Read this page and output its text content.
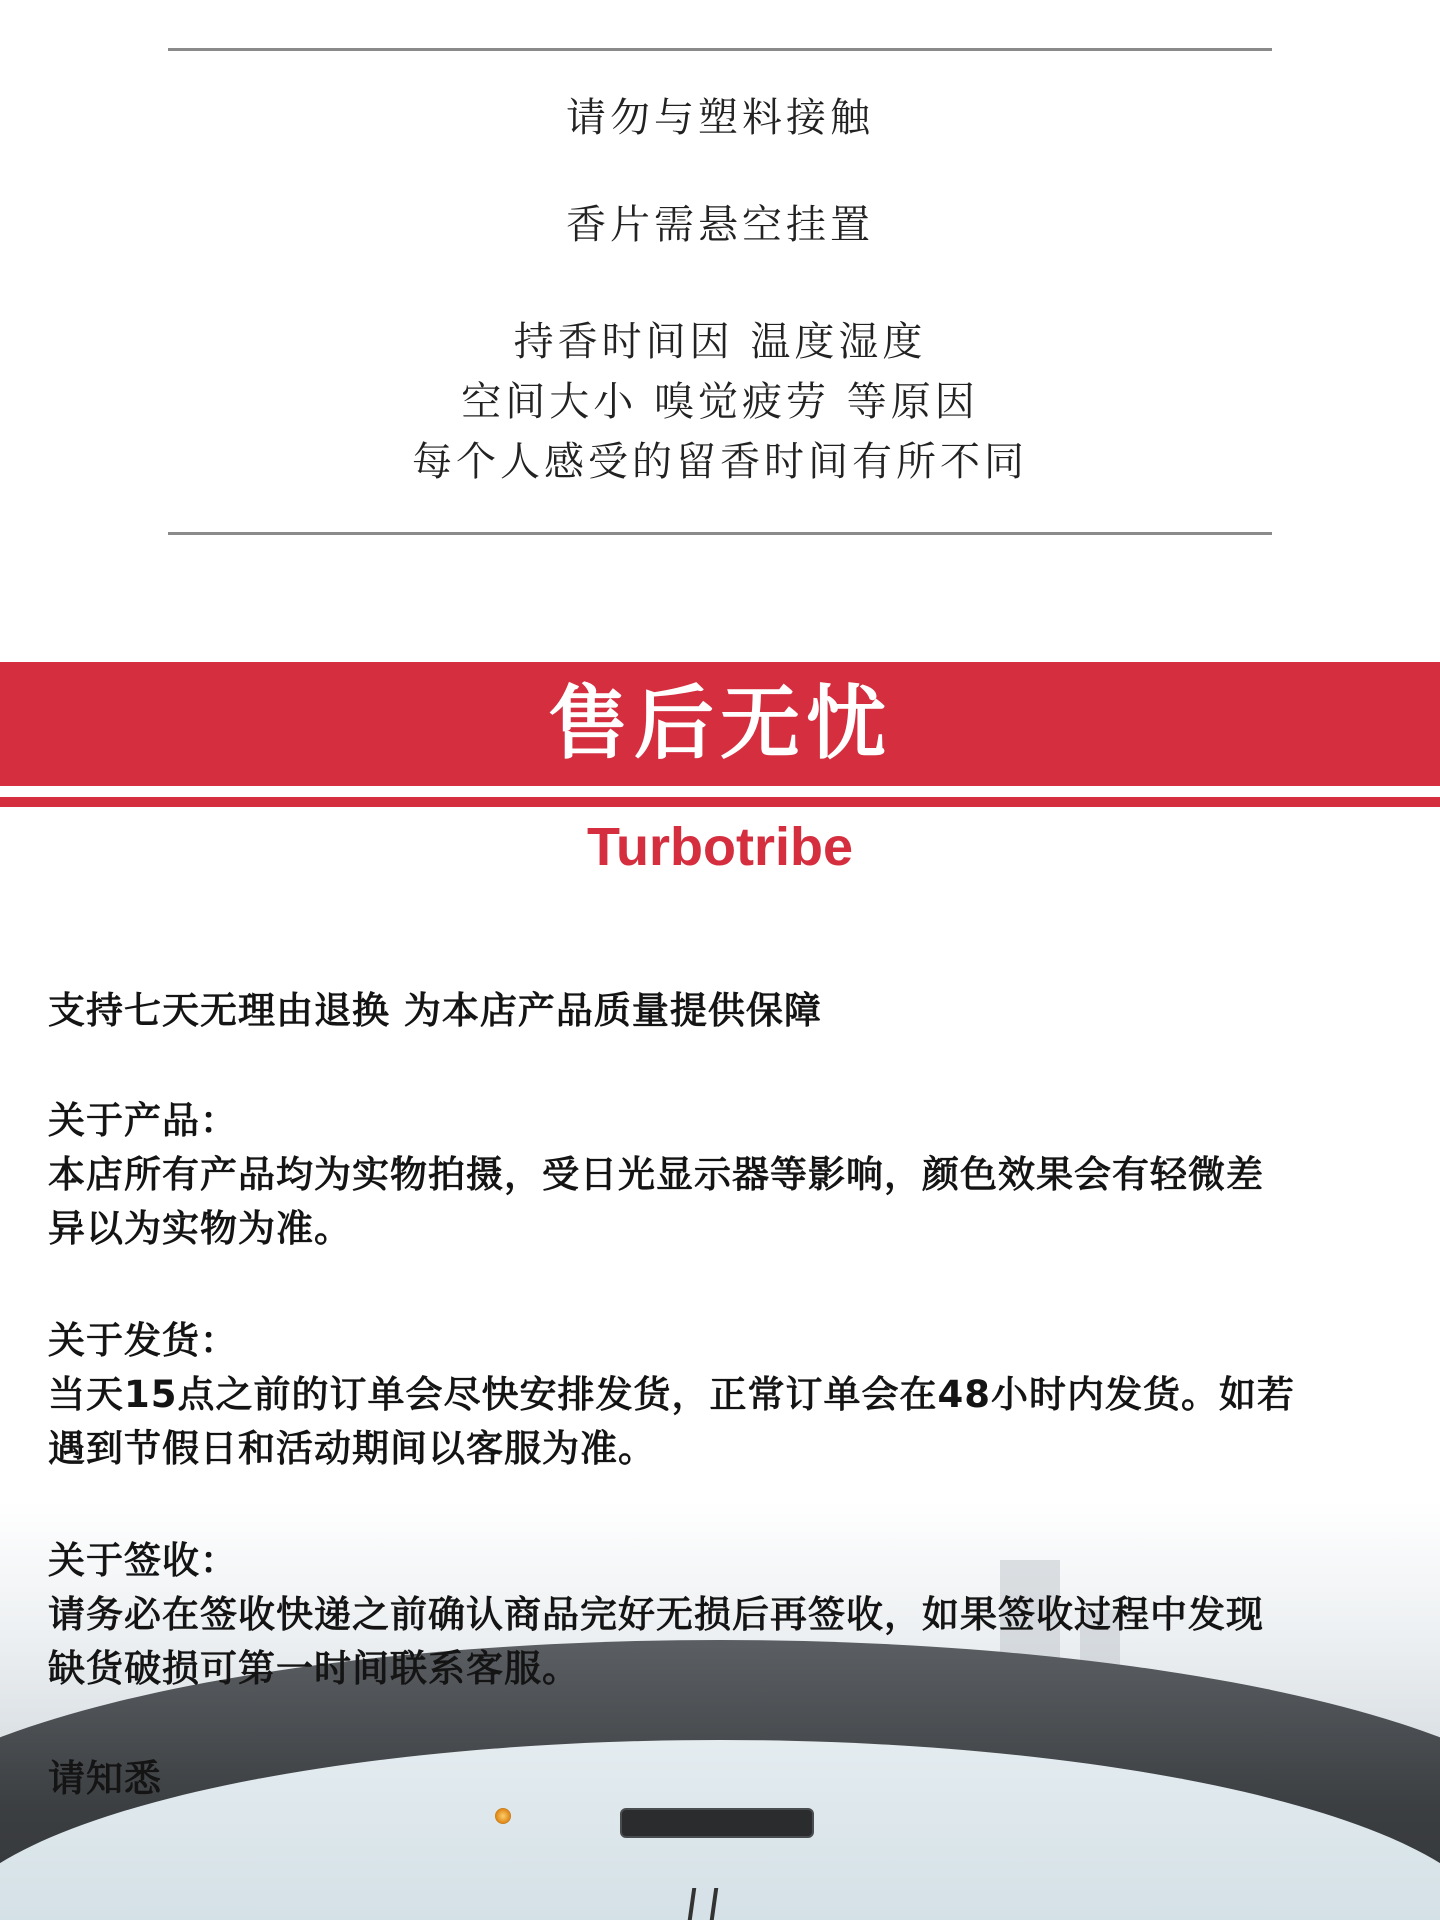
请勿与塑料接触
香片需悬空挂置
持香时间因 温度湿度
空间大小 嗅觉疲劳 等原因
每个人感受的留香时间有所不同
售后无忧
Turbotribe
支持七天无理由退换 为本店产品质量提供保障
关于产品：
本店所有产品均为实物拍摄，受日光显示器等影响，颜色效果会有轻微差
异以为实物为准。
关于发货：
当天15点之前的订单会尽快安排发货，正常订单会在48小时内发货。如若
遇到节假日和活动期间以客服为准。
关于签收：
请务必在签收快递之前确认商品完好无损后再签收，如果签收过程中发现
缺货破损可第一时间联系客服。
请知悉
